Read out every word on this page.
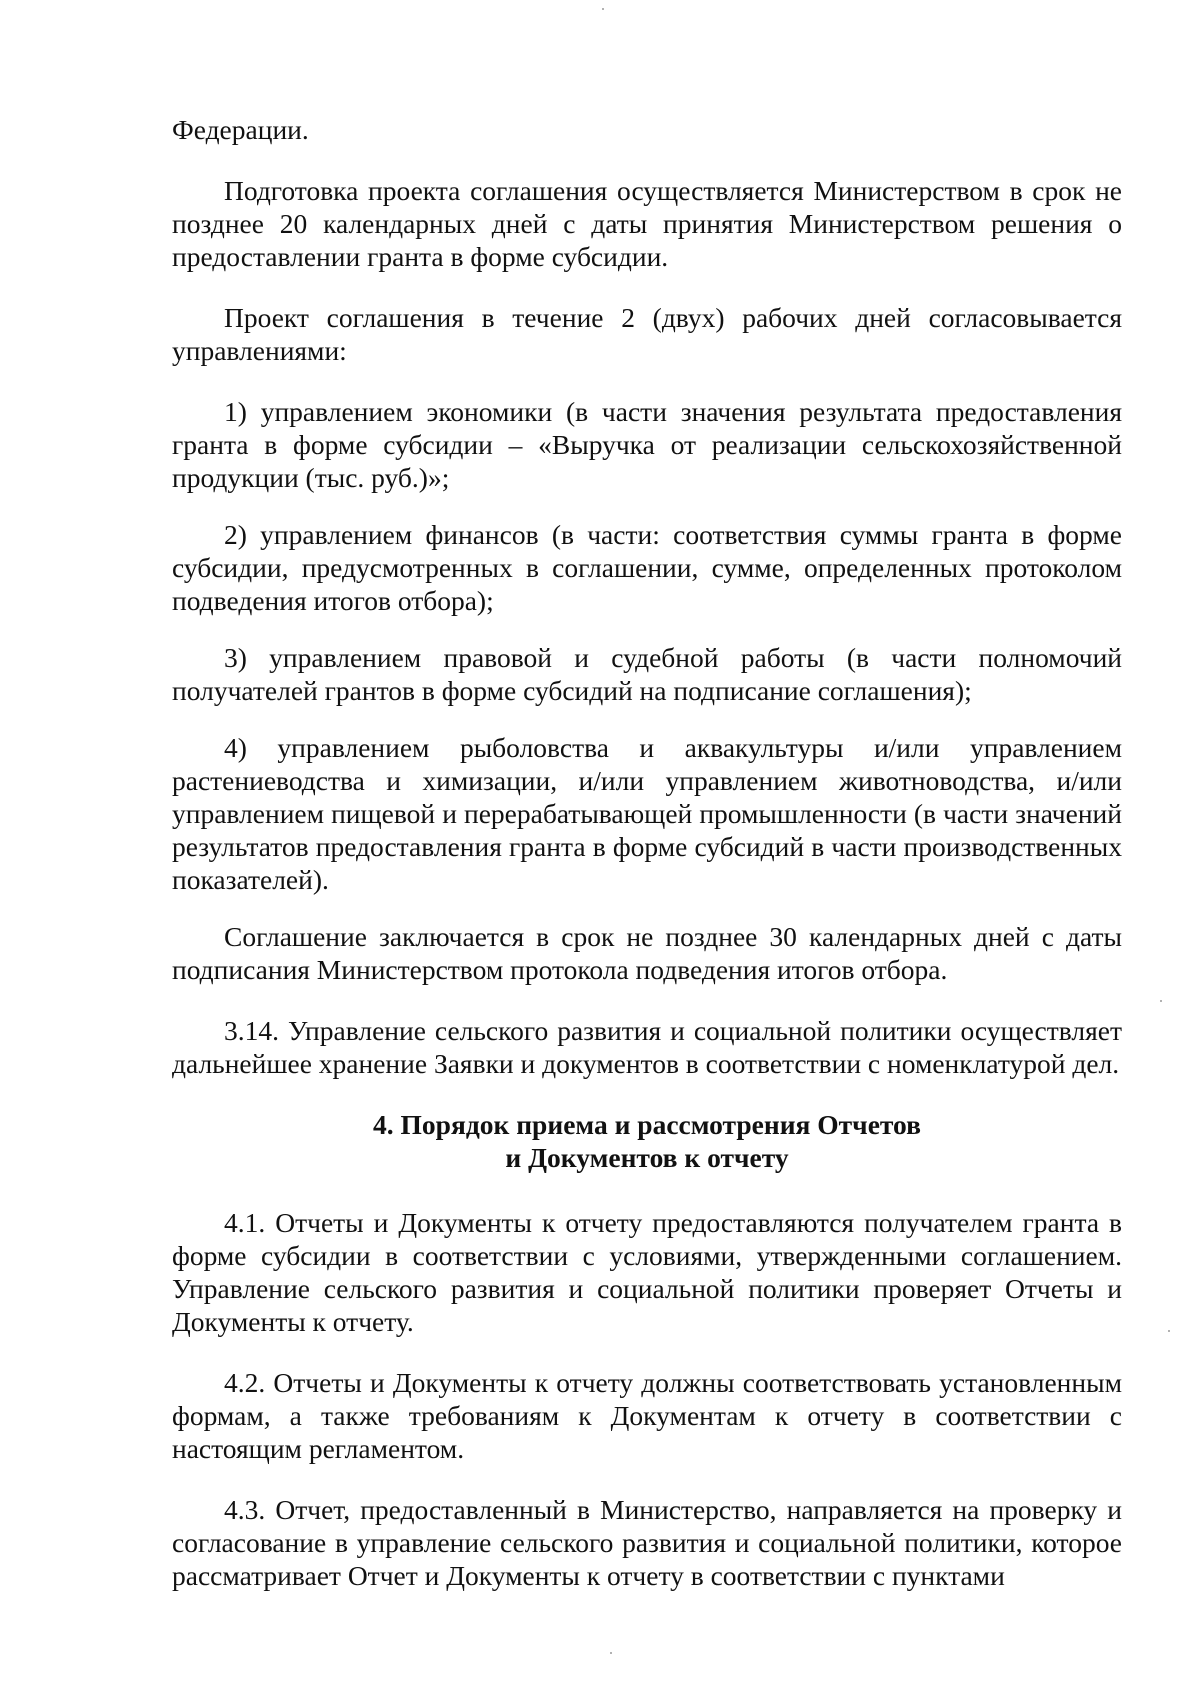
Федерации.

Подготовка проекта соглашения осуществляется Министерством в срок не позднее 20 календарных дней с даты принятия Министерством решения о предоставлении гранта в форме субсидии.

Проект соглашения в течение 2 (двух) рабочих дней согласовывается управлениями:

1) управлением экономики (в части значения результата предоставления гранта в форме субсидии – «Выручка от реализации сельскохозяйственной продукции (тыс. руб.)»;

2) управлением финансов (в части: соответствия суммы гранта в форме субсидии, предусмотренных в соглашении, сумме, определенных протоколом подведения итогов отбора);

3) управлением правовой и судебной работы (в части полномочий получателей грантов в форме субсидий на подписание соглашения);

4) управлением рыболовства и аквакультуры и/или управлением растениеводства и химизации, и/или управлением животноводства, и/или управлением пищевой и перерабатывающей промышленности (в части значений результатов предоставления гранта в форме субсидий в части производственных показателей).

Соглашение заключается в срок не позднее 30 календарных дней с даты подписания Министерством протокола подведения итогов отбора.

3.14. Управление сельского развития и социальной политики осуществляет дальнейшее хранение Заявки и документов в соответствии с номенклатурой дел.

4. Порядок приема и рассмотрения Отчетов
и Документов к отчету

4.1. Отчеты и Документы к отчету предоставляются получателем гранта в форме субсидии в соответствии с условиями, утвержденными соглашением. Управление сельского развития и социальной политики проверяет Отчеты и Документы к отчету.

4.2. Отчеты и Документы к отчету должны соответствовать установленным формам, а также требованиям к Документам к отчету в соответствии с настоящим регламентом.

4.3. Отчет, предоставленный в Министерство, направляется на проверку и согласование в управление сельского развития и социальной политики, которое рассматривает Отчет и Документы к отчету в соответствии с пунктами
